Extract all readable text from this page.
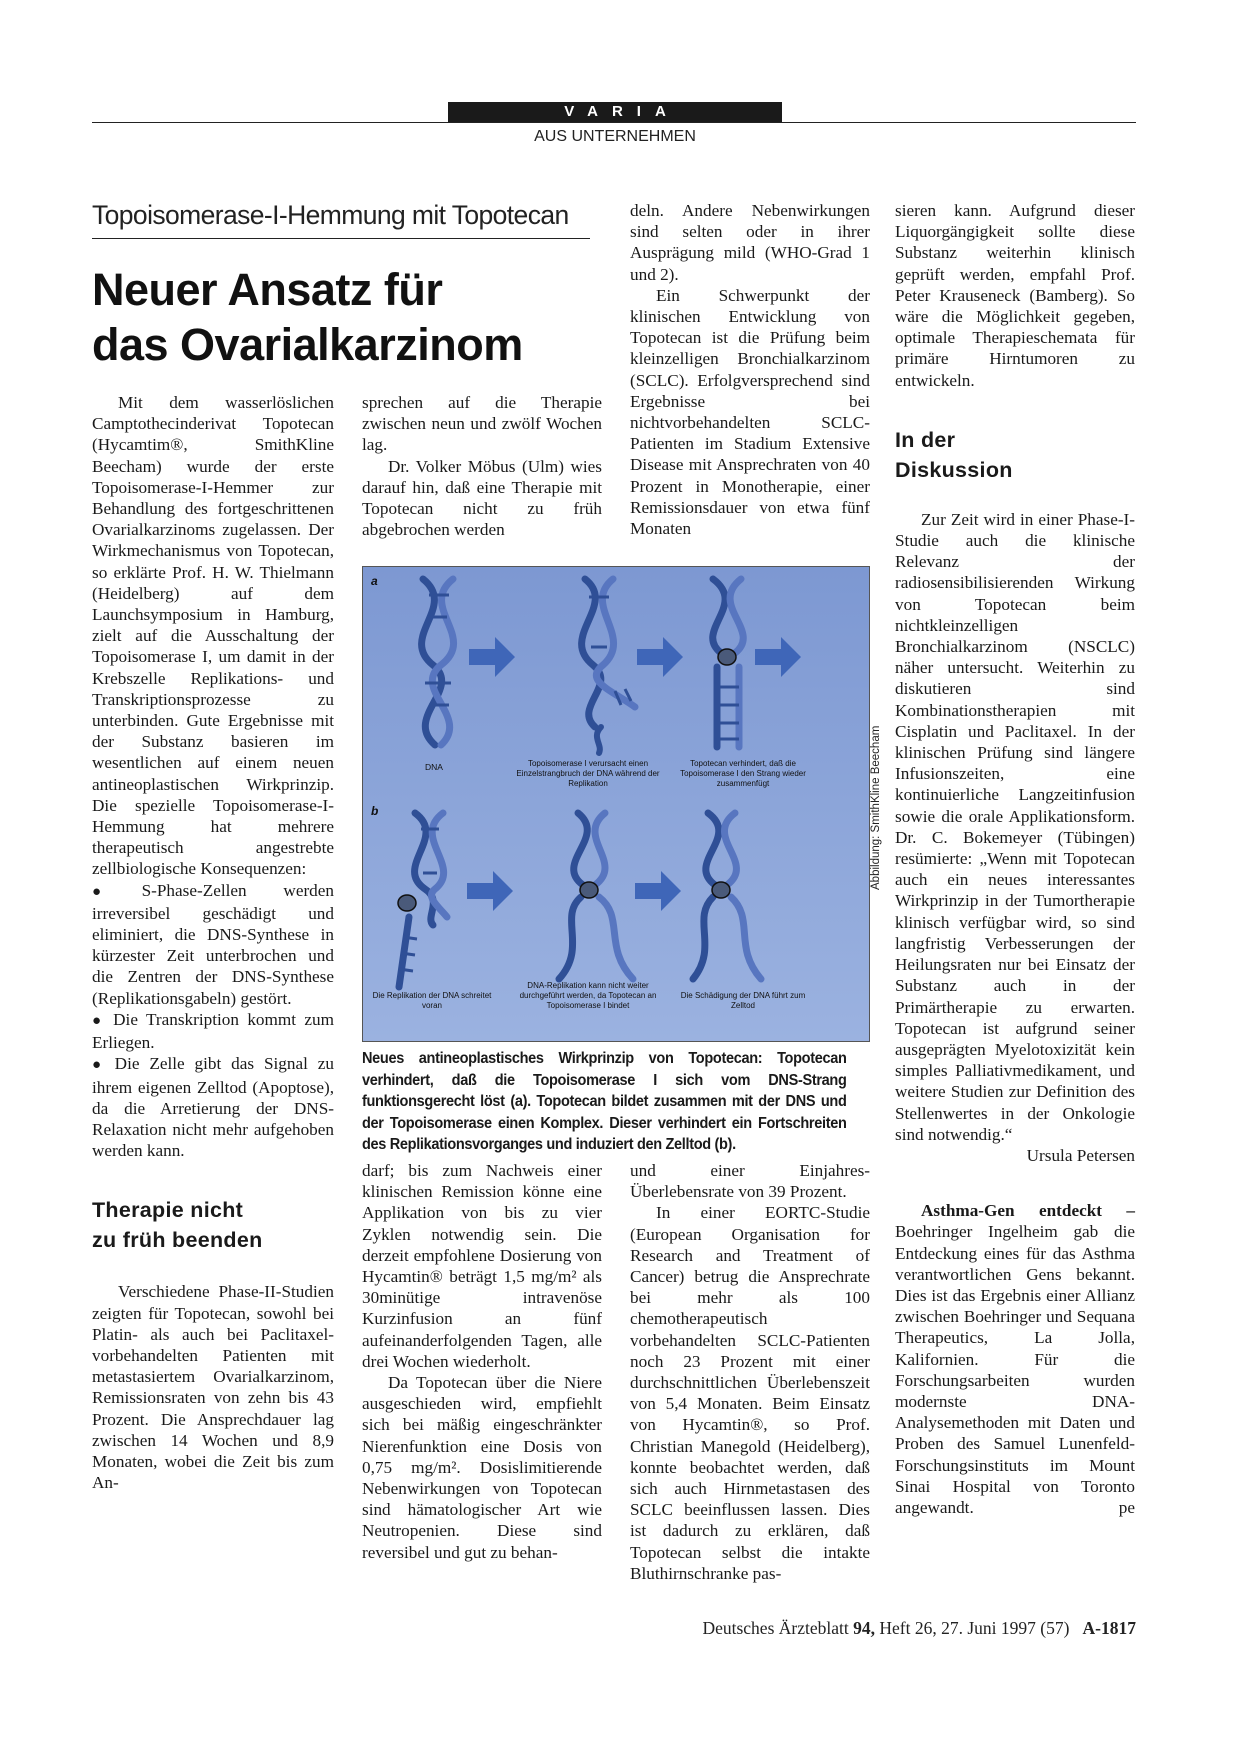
VARIA
AUS UNTERNEHMEN
Topoisomerase-I-Hemmung mit Topotecan
Neuer Ansatz für
das Ovarialkarzinom

Mit dem wasserlöslichen Camptothecinderivat Topotecan (Hycamtim®, SmithKline Beecham) wurde der erste Topoisomerase-I-Hemmer zur Behandlung des fortgeschrittenen Ovarialkarzinoms zugelassen. Der Wirkmechanismus von Topotecan, so erklärte Prof. H. W. Thielmann (Heidelberg) auf dem Launchsymposium in Hamburg, zielt auf die Ausschaltung der Topoisomerase I, um damit in der Krebszelle Replikations- und Transkriptionsprozesse zu unterbinden. Gute Ergebnisse mit der Substanz basieren im wesentlichen auf einem neuen antineoplastischen Wirkprinzip. Die spezielle Topoisomerase-I-Hemmung hat mehrere therapeutisch angestrebte zellbiologische Konsequenzen:

● S-Phase-Zellen werden irreversibel geschädigt und eliminiert, die DNS-Synthese in kürzester Zeit unterbrochen und die Zentren der DNS-Synthese (Replikationsgabeln) gestört.

● Die Transkription kommt zum Erliegen.

● Die Zelle gibt das Signal zu ihrem eigenen Zelltod (Apoptose), da die Arretierung der DNS-Relaxation nicht mehr aufgehoben werden kann.

Therapie nicht
zu früh beenden

Verschiedene Phase-II-Studien zeigten für Topotecan, sowohl bei Platin- als auch bei Paclitaxel-vorbehandelten Patienten mit metastasiertem Ovarialkarzinom, Remissionsraten von zehn bis 43 Prozent. Die Ansprechdauer lag zwischen 14 Wochen und 8,9 Monaten, wobei die Zeit bis zum An-

sprechen auf die Therapie zwischen neun und zwölf Wochen lag.

Dr. Volker Möbus (Ulm) wies darauf hin, daß eine Therapie mit Topotecan nicht zu früh abgebrochen werden

deln. Andere Nebenwirkungen sind selten oder in ihrer Ausprägung mild (WHO-Grad 1 und 2).

Ein Schwerpunkt der klinischen Entwicklung von Topotecan ist die Prüfung beim kleinzelligen Bronchialkarzinom (SCLC). Erfolgversprechend sind Ergebnisse bei nichtvorbehandelten SCLC-Patienten im Stadium Extensive Disease mit Ansprechraten von 40 Prozent in Monotherapie, einer Remissionsdauer von etwa fünf Monaten

a
b
DNA	Topoisomerase I verursacht einen Einzelstrangbruch der DNA während der Replikation
Topotecan verhindert, daß die Topoisomerase I den Strang wieder zusammenfügt
Die Replikation der DNA schreitet voran
DNA-Replikation kann nicht weiter durchgeführt werden, da Topotecan an Topoisomerase I bindet
Die Schädigung der DNA führt zum Zelltod
Abbildung: SmithKline Beecham
Neues antineoplastisches Wirkprinzip von Topotecan: Topotecan verhindert, daß die Topoisomerase I sich vom DNS-Strang funktionsgerecht löst (a). Topotecan bildet zusammen mit der DNS und der Topoisomerase einen Komplex. Dieser verhindert ein Fortschreiten des Replikationsvorganges und induziert den Zelltod (b).

darf; bis zum Nachweis einer klinischen Remission könne eine Applikation von bis zu vier Zyklen notwendig sein. Die derzeit empfohlene Dosierung von Hycamtin® beträgt 1,5 mg/m² als 30minütige intravenöse Kurzinfusion an fünf aufeinanderfolgenden Tagen, alle drei Wochen wiederholt.

Da Topotecan über die Niere ausgeschieden wird, empfiehlt sich bei mäßig eingeschränkter Nierenfunktion eine Dosis von 0,75 mg/m². Dosislimitierende Nebenwirkungen von Topotecan sind hämatologischer Art wie Neutropenien. Diese sind reversibel und gut zu behan-

und einer Einjahres-Überlebensrate von 39 Prozent.

In einer EORTC-Studie (European Organisation for Research and Treatment of Cancer) betrug die Ansprechrate bei mehr als 100 chemotherapeutisch vorbehandelten SCLC-Patienten noch 23 Prozent mit einer durchschnittlichen Überlebenszeit von 5,4 Monaten. Beim Einsatz von Hycamtin®, so Prof. Christian Manegold (Heidelberg), konnte beobachtet werden, daß sich auch Hirnmetastasen des SCLC beeinflussen lassen. Dies ist dadurch zu erklären, daß Topotecan selbst die intakte Bluthirnschranke pas-

sieren kann. Aufgrund dieser Liquorgängigkeit sollte diese Substanz weiterhin klinisch geprüft werden, empfahl Prof. Peter Krauseneck (Bamberg). So wäre die Möglichkeit gegeben, optimale Therapieschemata für primäre Hirntumoren zu entwickeln.

In der
Diskussion

Zur Zeit wird in einer Phase-I-Studie auch die klinische Relevanz der radiosensibilisierenden Wirkung von Topotecan beim nichtkleinzelligen Bronchialkarzinom (NSCLC) näher untersucht. Weiterhin zu diskutieren sind Kombinationstherapien mit Cisplatin und Paclitaxel. In der klinischen Prüfung sind längere Infusionszeiten, eine kontinuierliche Langzeitinfusion sowie die orale Applikationsform. Dr. C. Bokemeyer (Tübingen) resümierte: „Wenn mit Topotecan auch ein neues interessantes Wirkprinzip in der Tumortherapie klinisch verfügbar wird, so sind langfristig Verbesserungen der Heilungsraten nur bei Einsatz der Substanz auch in der Primärtherapie zu erwarten. Topotecan ist aufgrund seiner ausgeprägten Myelotoxizität kein simples Palliativmedikament, und weitere Studien zur Definition des Stellenwertes in der Onkologie sind notwendig.“
Ursula Petersen

Asthma-Gen entdeckt – Boehringer Ingelheim gab die Entdeckung eines für das Asthma verantwortlichen Gens bekannt. Dies ist das Ergebnis einer Allianz zwischen Boehringer und Sequana Therapeutics, La Jolla, Kalifornien. Für die Forschungsarbeiten wurden modernste DNA-Analysemethoden mit Daten und Proben des Samuel Lunenfeld-Forschungsinstituts im Mount Sinai Hospital von Toronto angewandt.	pe

Deutsches Ärzteblatt 94, Heft 26, 27. Juni 1997 (57) A-1817
